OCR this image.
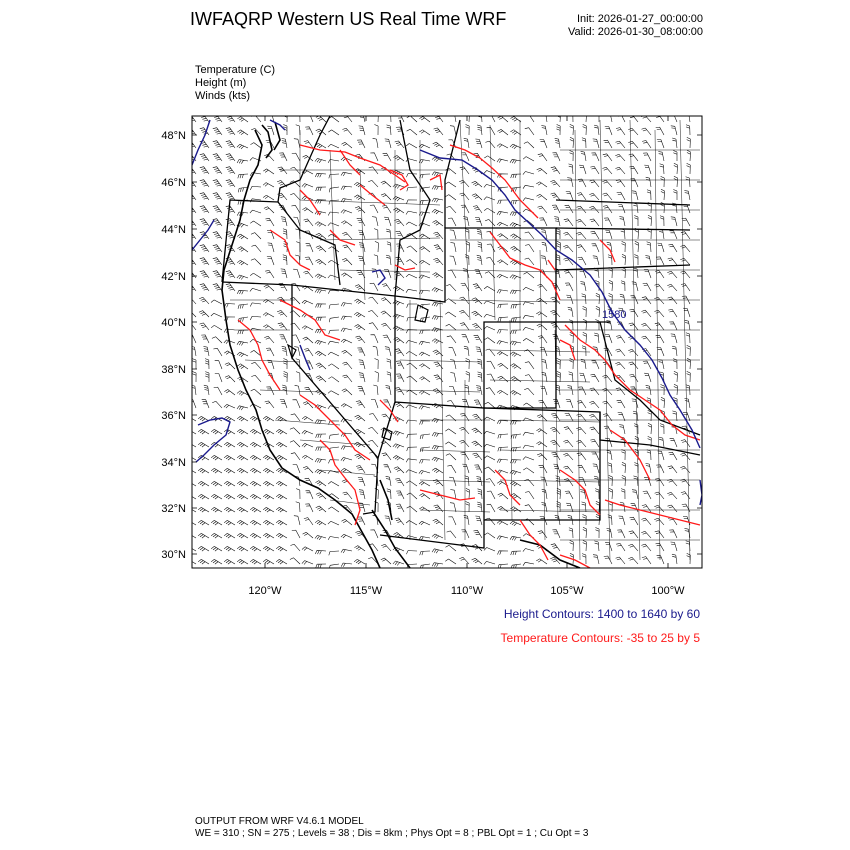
IWFAQRP Western US Real Time WRF	Init: 2026-01-27_00:00:00
Valid: 2026-01-30_08:00:00
Temperature (C)
Height (m)
Winds (kts)
48°N
46°N
44°N
42°N
40°N
38°N
36°N
34°N
32°N
30°N
120°W	115°W	110°W	105°W	100°W
1580
Height Contours: 1400 to 1640 by 60
Temperature Contours: -35 to 25 by 5
OUTPUT FROM WRF V4.6.1 MODEL
WE = 310 ; SN = 275 ; Levels = 38 ; Dis = 8km ; Phys Opt = 8 ; PBL Opt = 1 ; Cu Opt = 3
